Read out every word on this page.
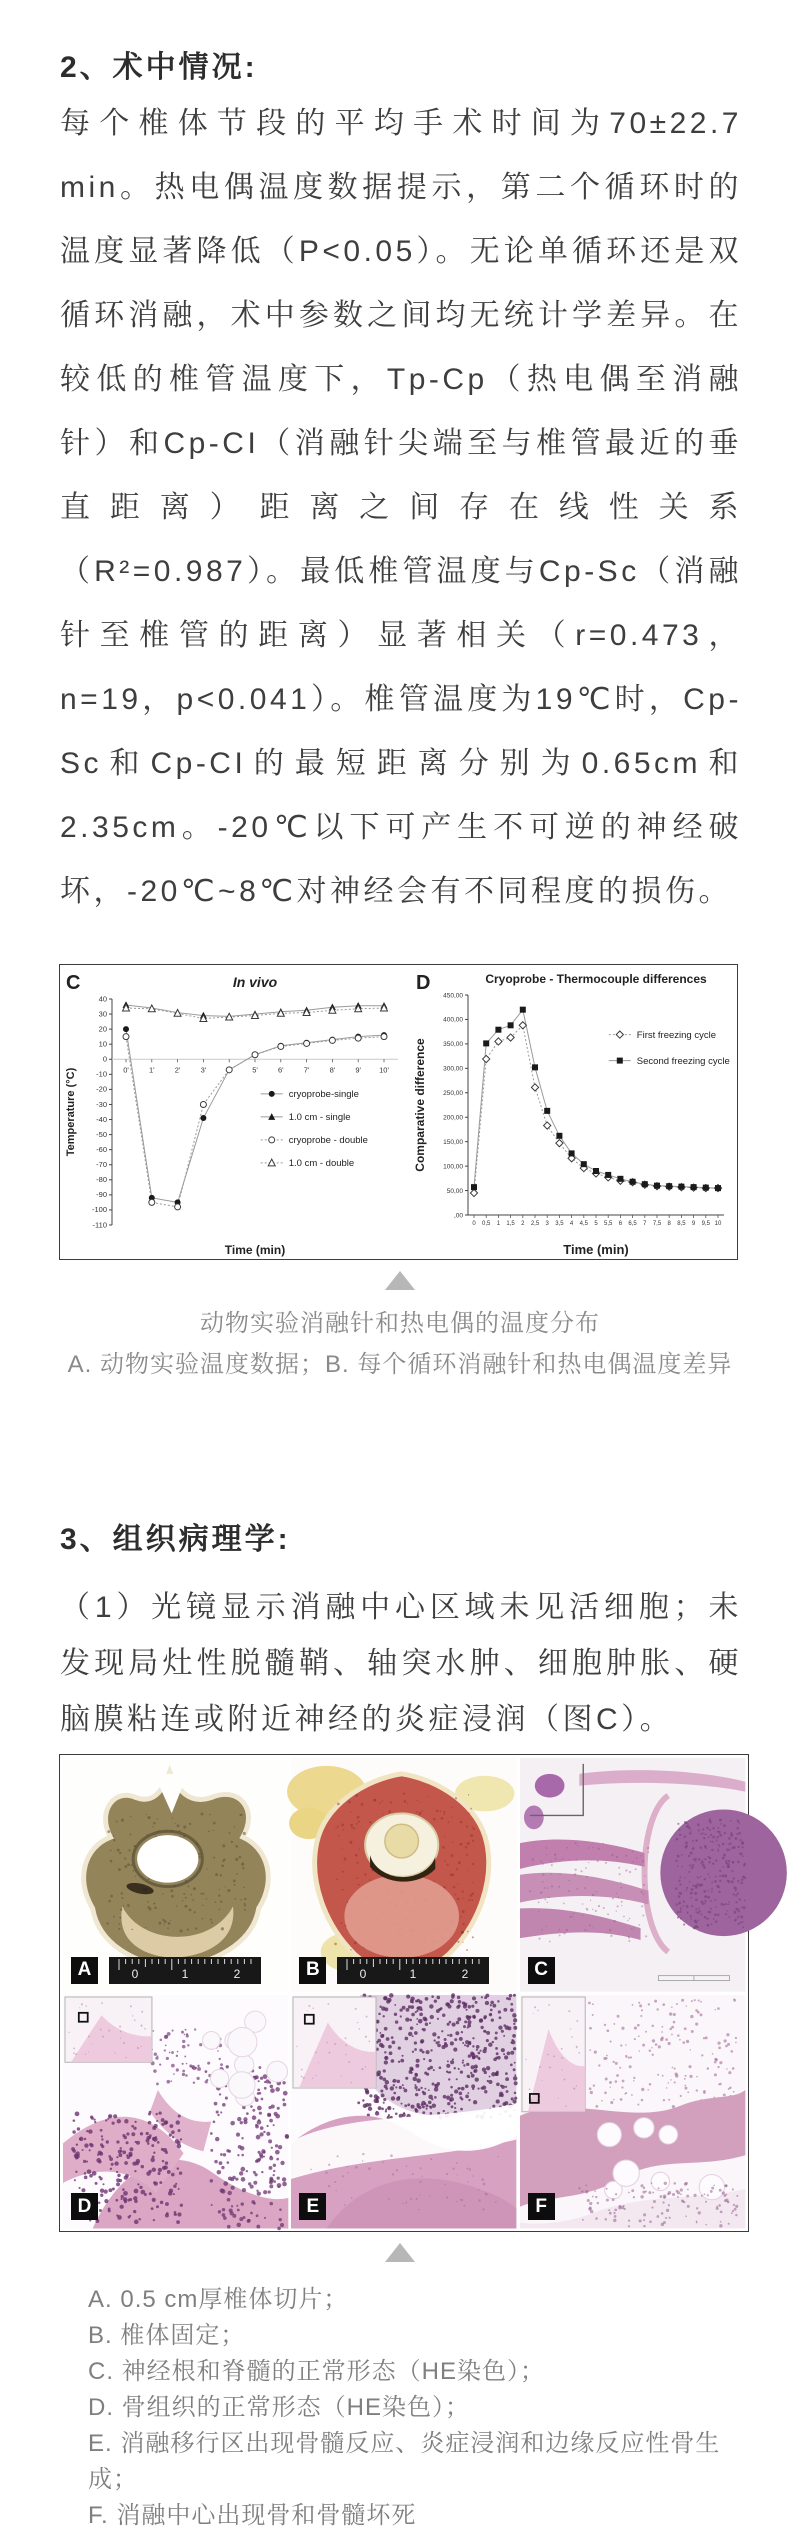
2、术中情况:
每个椎体节段的平均手术时间为70±22.7 min。热电偶温度数据提示，第二个循环时的温度显著降低（P<0.05）。无论单循环还是双循环消融，术中参数之间均无统计学差异。在较低的椎管温度下，Tp-Cp（热电偶至消融针）和Cp-CI（消融针尖端至与椎管最近的垂直距离）距离之间存在线性关系（R²=0.987）。最低椎管温度与Cp-Sc（消融针至椎管的距离）显著相关（r=0.473，n=19，p<0.041）。椎管温度为19℃时，Cp-Sc和Cp-CI的最短距离分别为0.65cm和2.35cm。-20℃以下可产生不可逆的神经破坏，-20℃~8℃对神经会有不同程度的损伤。
C	In vivo
40
30
20
10
0
-10
-20
-30
-40
-50
-60
-70
-80
-90
-100
-110
0'	1'	2'	3'	5'	6'	7'	8'	9' 10'
Time (min)
Temperature (°C)	cryoprobe-single
1.0 cm - single
cryoprobe - double
1.0 cm - double
D	Cryoprobe - Thermocouple differences
450,00
400,00
350,00
300,00
250,00
200,00
150,00
100,00
50,00
,00
0 0,5 1 1,5 2 2,5 3 3,5 4 4,5 5 5,5 6 6,5 7 7,5 8 8,5 9 9,5 10
Time (min)
Comparative difference
First freezing cycle
Second freezing cycle
动物实验消融针和热电偶的温度分布
A. 动物实验温度数据；B. 每个循环消融针和热电偶温度差异
3、组织病理学:
（1）光镜显示消融中心区域未见活细胞；未发现局灶性脱髓鞘、轴突水肿、细胞肿胀、硬脑膜粘连或附近神经的炎症浸润（图C）。
A	0	1	2	B	0	1	2	C
D	E	F
A. 0.5 cm厚椎体切片；
B. 椎体固定；
C. 神经根和脊髓的正常形态（HE染色）；
D. 骨组织的正常形态（HE染色）；
E. 消融移行区出现骨髓反应、炎症浸润和边缘反应性骨生成；
F. 消融中心出现骨和骨髓坏死
